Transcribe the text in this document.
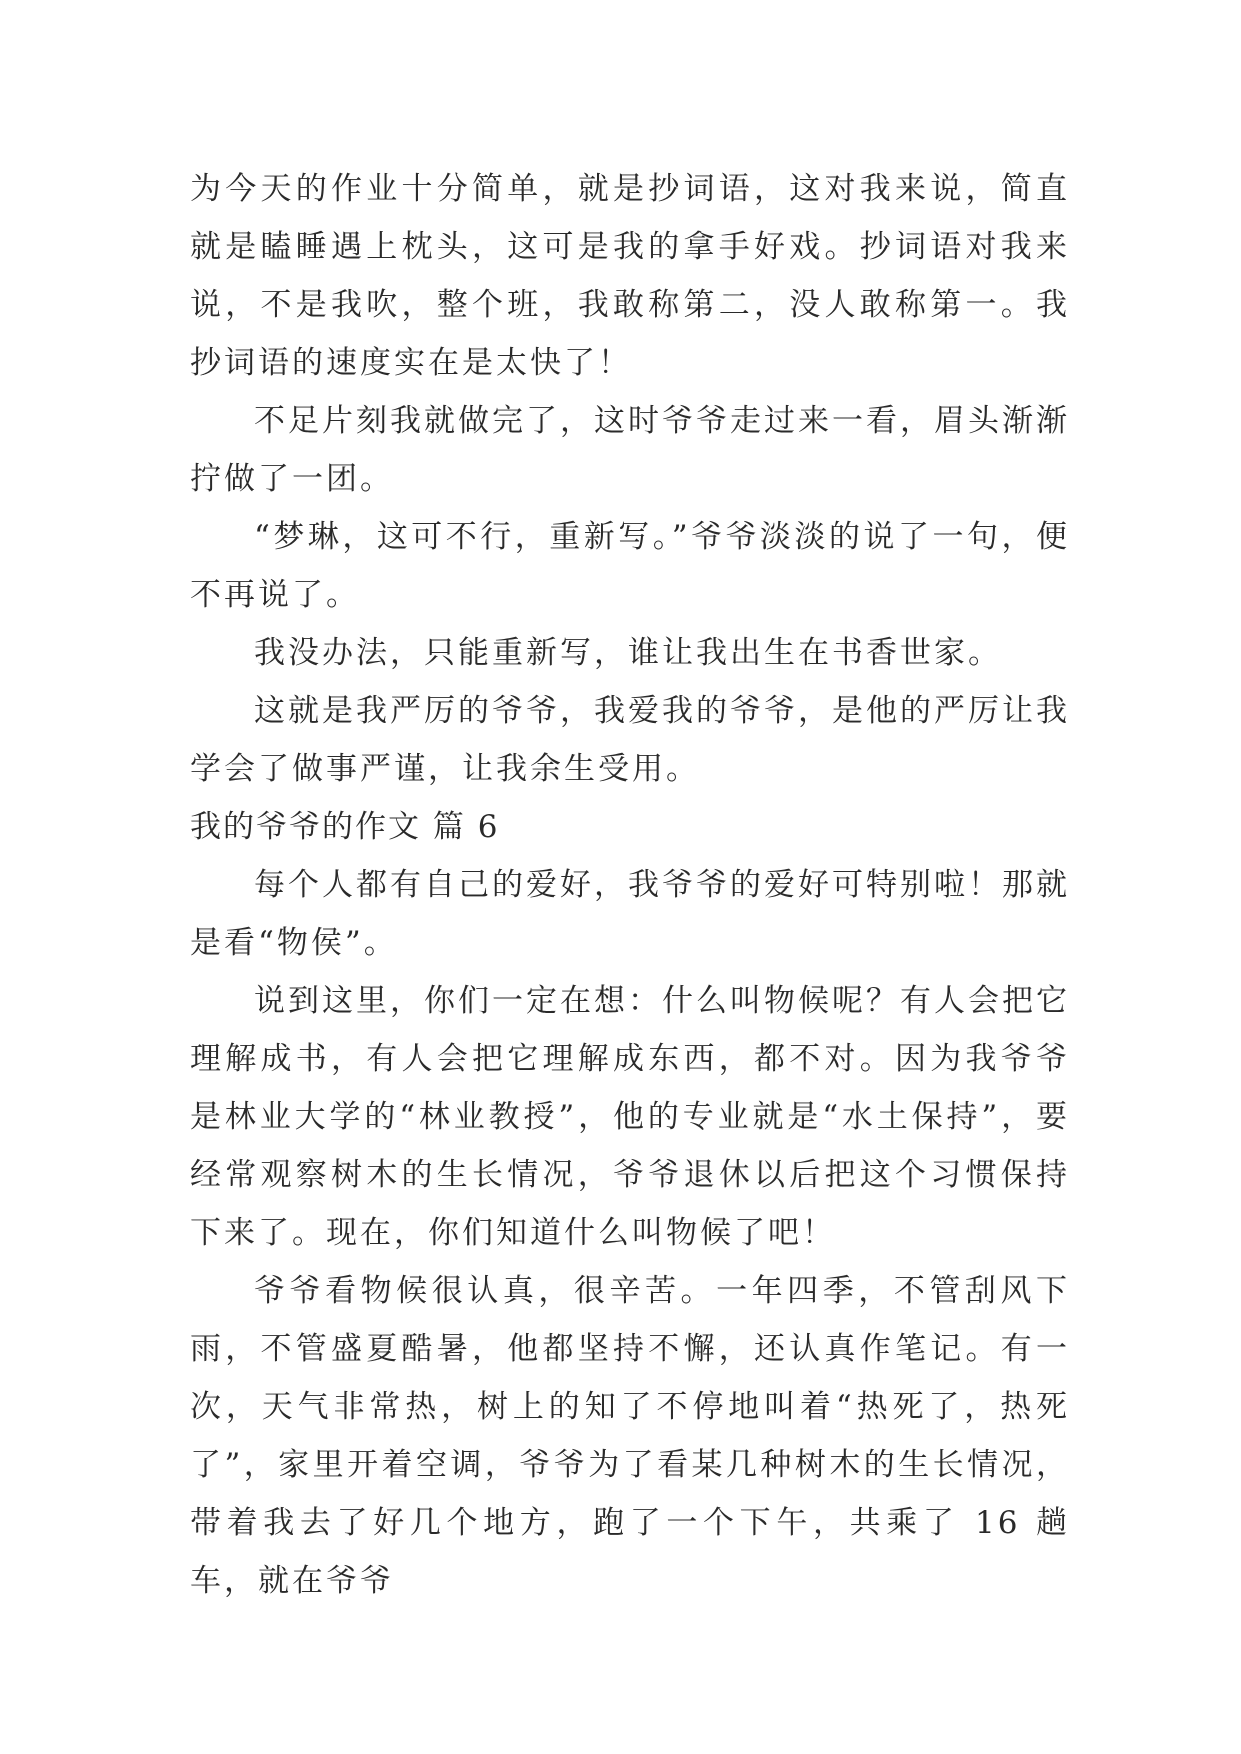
为今天的作业十分简单，就是抄词语，这对我来说，简直就是瞌睡遇上枕头，这可是我的拿手好戏。抄词语对我来说，不是我吹，整个班，我敢称第二，没人敢称第一。我抄词语的速度实在是太快了！

不足片刻我就做完了，这时爷爷走过来一看，眉头渐渐拧做了一团。

“梦琳，这可不行，重新写。”爷爷淡淡的说了一句，便不再说了。

我没办法，只能重新写，谁让我出生在书香世家。

这就是我严厉的爷爷，我爱我的爷爷，是他的严厉让我学会了做事严谨，让我余生受用。

我的爷爷的作文 篇 6

每个人都有自己的爱好，我爷爷的爱好可特别啦！那就是看“物侯”。

说到这里，你们一定在想：什么叫物候呢？有人会把它理解成书，有人会把它理解成东西，都不对。因为我爷爷是林业大学的“林业教授”，他的专业就是“水土保持”，要经常观察树木的生长情况，爷爷退休以后把这个习惯保持下来了。现在，你们知道什么叫物候了吧！

爷爷看物候很认真，很辛苦。一年四季，不管刮风下雨，不管盛夏酷暑，他都坚持不懈，还认真作笔记。有一次，天气非常热，树上的知了不停地叫着“热死了，热死了”，家里开着空调，爷爷为了看某几种树木的生长情况，带着我去了好几个地方，跑了一个下午，共乘了 16 趟车，就在爷爷
